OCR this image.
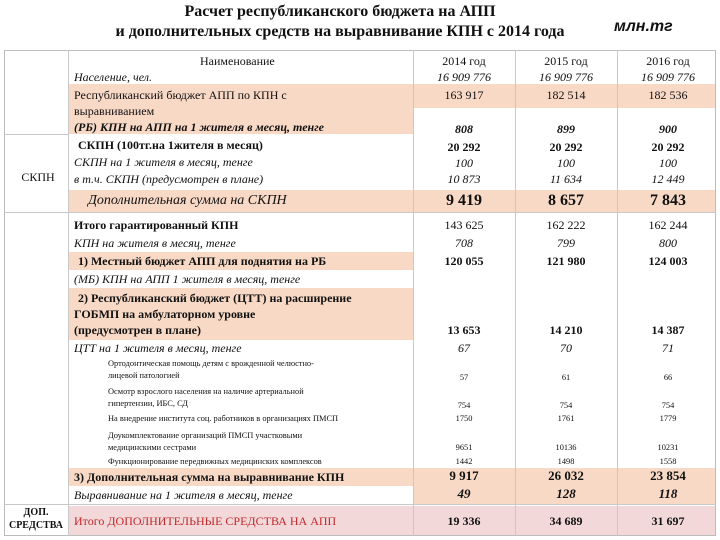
Расчет республиканского бюджета на АПП
и дополнительных средств на выравнивание КПН с 2014 года	млн.тг
СКПН
ДОП.
СРЕДСТВА
Наименование	2014 год	2015 год	2016 год
Население, чел.	16 909 776	16 909 776	16 909 776
Республиканский бюджет АПП по КПН с
выравниванием
163 917	182 514	182 536
(РБ) КПН на АПП на 1 жителя в месяц, тенге	808	899	900
СКПН (100тг.на 1жителя в месяц)	20 292	20 292	20 292
СКПН на 1 жителя в месяц, тенге	100	100	100
в т.ч. СКПН (предусмотрен в плане)	10 873	11 634	12 449
Дополнительная сумма на СКПН	9 419	8 657	7 843
Итого гарантированный КПН	143 625	162 222	162 244
КПН на жителя в месяц, тенге	708	799	800
1) Местный бюджет АПП для поднятия на РБ	120 055	121 980	124 003
(МБ) КПН на АПП 1 жителя в месяц, тенге
2) Республиканский бюджет (ЦТТ) на расширение
ГОБМП на амбулаторном уровне
(предусмотрен в плане)	13 653	14 210	14 387
ЦТТ на 1 жителя в месяц, тенге	67	70	71
Ортодонтическая помощь детям с врожденной челюстно-
лицевой патологией	57	61	66
Осмотр взрослого населения на наличие артериальной
гипертензии, ИБС, СД	754	754	754
На внедрение института соц. работников в организациях ПМСП	1750	1761	1779
Доукомплектование организаций ПМСП участковыми
медицинскими сестрами	9651	10136	10231
Функционирование передвижных медицинских комплексов	1442	1498	1558
3) Дополнительная сумма на выравнивание КПН	9 917	26 032	23 854
Выравнивание на 1 жителя в месяц, тенге	49	128	118
Итого ДОПОЛНИТЕЛЬНЫЕ СРЕДСТВА НА АПП	19 336	34 689	31 697
